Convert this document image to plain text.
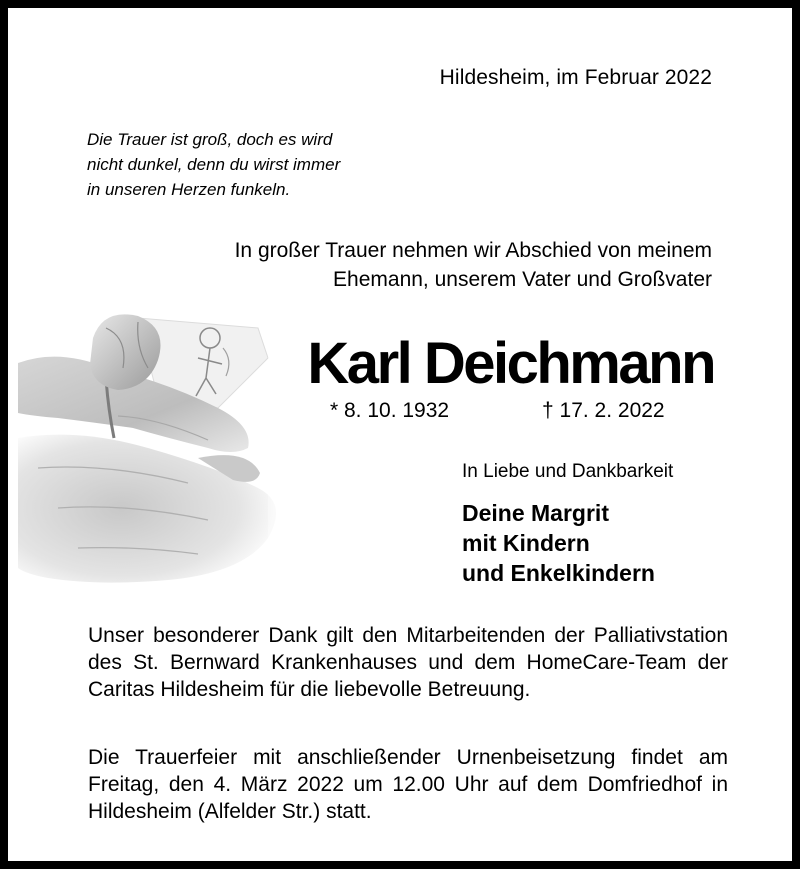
Hildesheim, im Februar 2022
Die Trauer ist groß, doch es wird
nicht dunkel, denn du wirst immer
in unseren Herzen funkeln.
In großer Trauer nehmen wir Abschied von meinem
Ehemann, unserem Vater und Großvater
Karl Deichmann
* 8. 10. 1932	† 17. 2. 2022
In Liebe und Dankbarkeit
Deine Margrit
mit Kindern
und Enkelkindern
Unser besonderer Dank gilt den Mitarbeitenden der Palliativstation des St. Bernward Krankenhauses und dem HomeCare-Team der Caritas Hildesheim für die liebevolle Betreuung.
Die Trauerfeier mit anschließender Urnenbeisetzung findet am Freitag, den 4. März 2022 um 12.00 Uhr auf dem Domfriedhof in Hildesheim (Alfelder Str.) statt.
